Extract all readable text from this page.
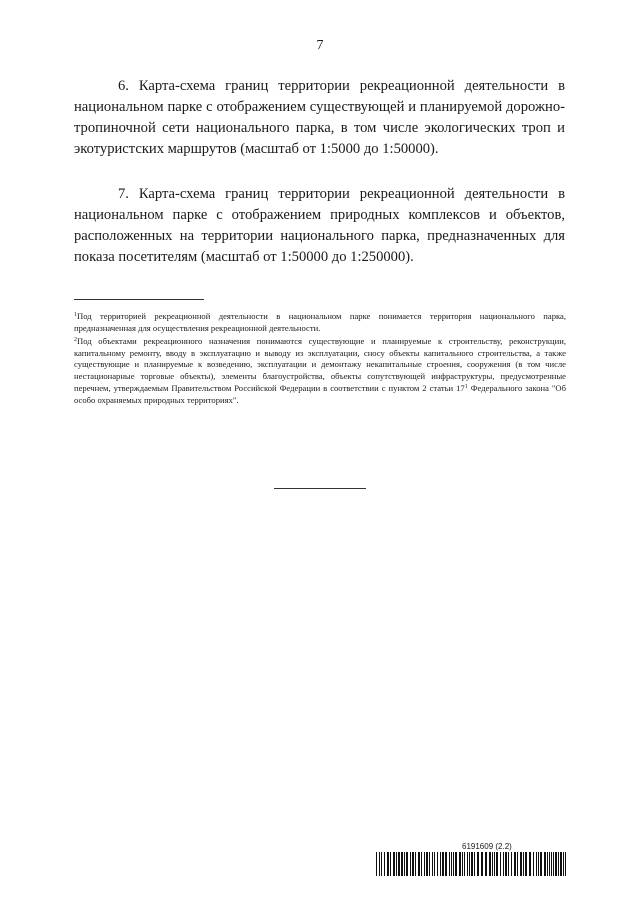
7

6. Карта-схема границ территории рекреационной деятельности в национальном парке с отображением существующей и планируемой дорожно-тропиночной сети национального парка, в том числе экологических троп и экотуристских маршрутов (масштаб от 1:5000 до 1:50000).

7. Карта-схема границ территории рекреационной деятельности в национальном парке с отображением природных комплексов и объектов, расположенных на территории национального парка, предназначенных для показа посетителям (масштаб от 1:50000 до 1:250000).

$^1$Под территорией рекреационной деятельности в национальном парке понимается территория национального парка, предназначенная для осуществления рекреационной деятельности.

$^2$Под объектами рекреационного назначения понимаются существующие и планируемые к строительству, реконструкции, капитальному ремонту, вводу в эксплуатацию и выводу из эксплуатации, сносу объекты капитального строительства, а также существующие и планируемые к возведению, эксплуатации и демонтажу некапитальные строения, сооружения (в том числе нестационарные торговые объекты), элементы благоустройства, объекты сопутствующей инфраструктуры, предусмотренные перечнем, утверждаемым Правительством Российской Федерации в соответствии с пунктом 2 статьи $17^1$ Федерального закона "Об особо охраняемых природных территориях".

6191609 (2.2)
